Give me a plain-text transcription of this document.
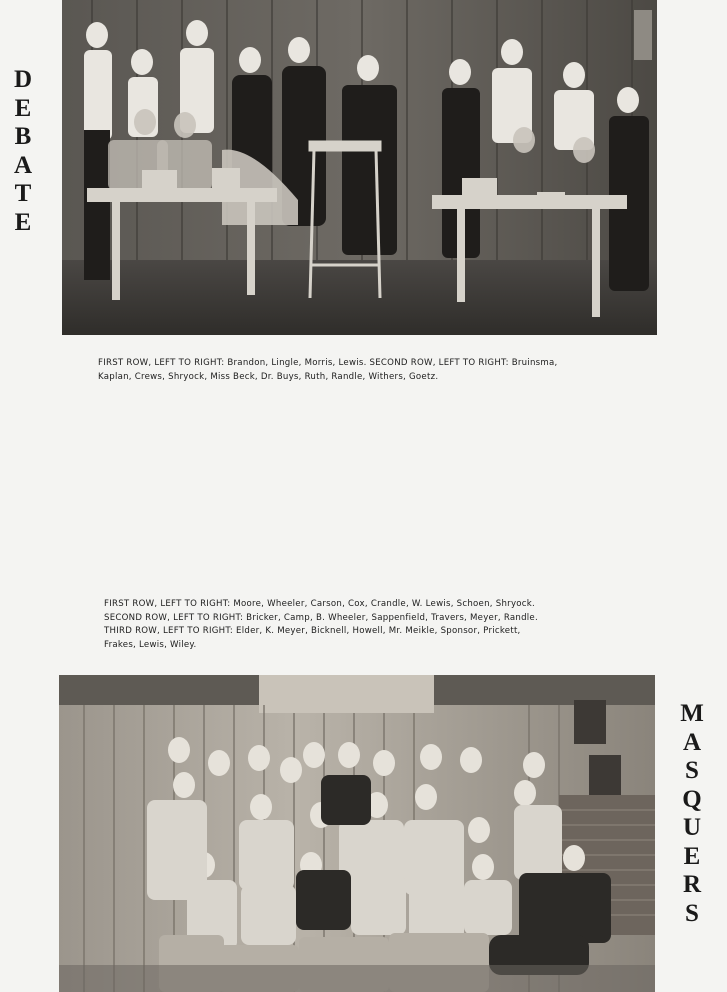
D
E
B
A
T
E
M
A
S
Q
U
E
R
S
FIRST ROW, LEFT TO RIGHT: Brandon, Lingle, Morris, Lewis. SECOND ROW, LEFT TO RIGHT: Bruinsma,
Kaplan, Crews, Shryock, Miss Beck, Dr. Buys, Ruth, Randle, Withers, Goetz.
FIRST ROW, LEFT TO RIGHT: Moore, Wheeler, Carson, Cox, Crandle, W. Lewis, Schoen, Shryock.
SECOND ROW, LEFT TO RIGHT: Bricker, Camp, B. Wheeler, Sappenfield, Travers, Meyer, Randle.
THIRD ROW, LEFT TO RIGHT: Elder, K. Meyer, Bicknell, Howell, Mr. Meikle, Sponsor, Prickett,
Frakes, Lewis, Wiley.
